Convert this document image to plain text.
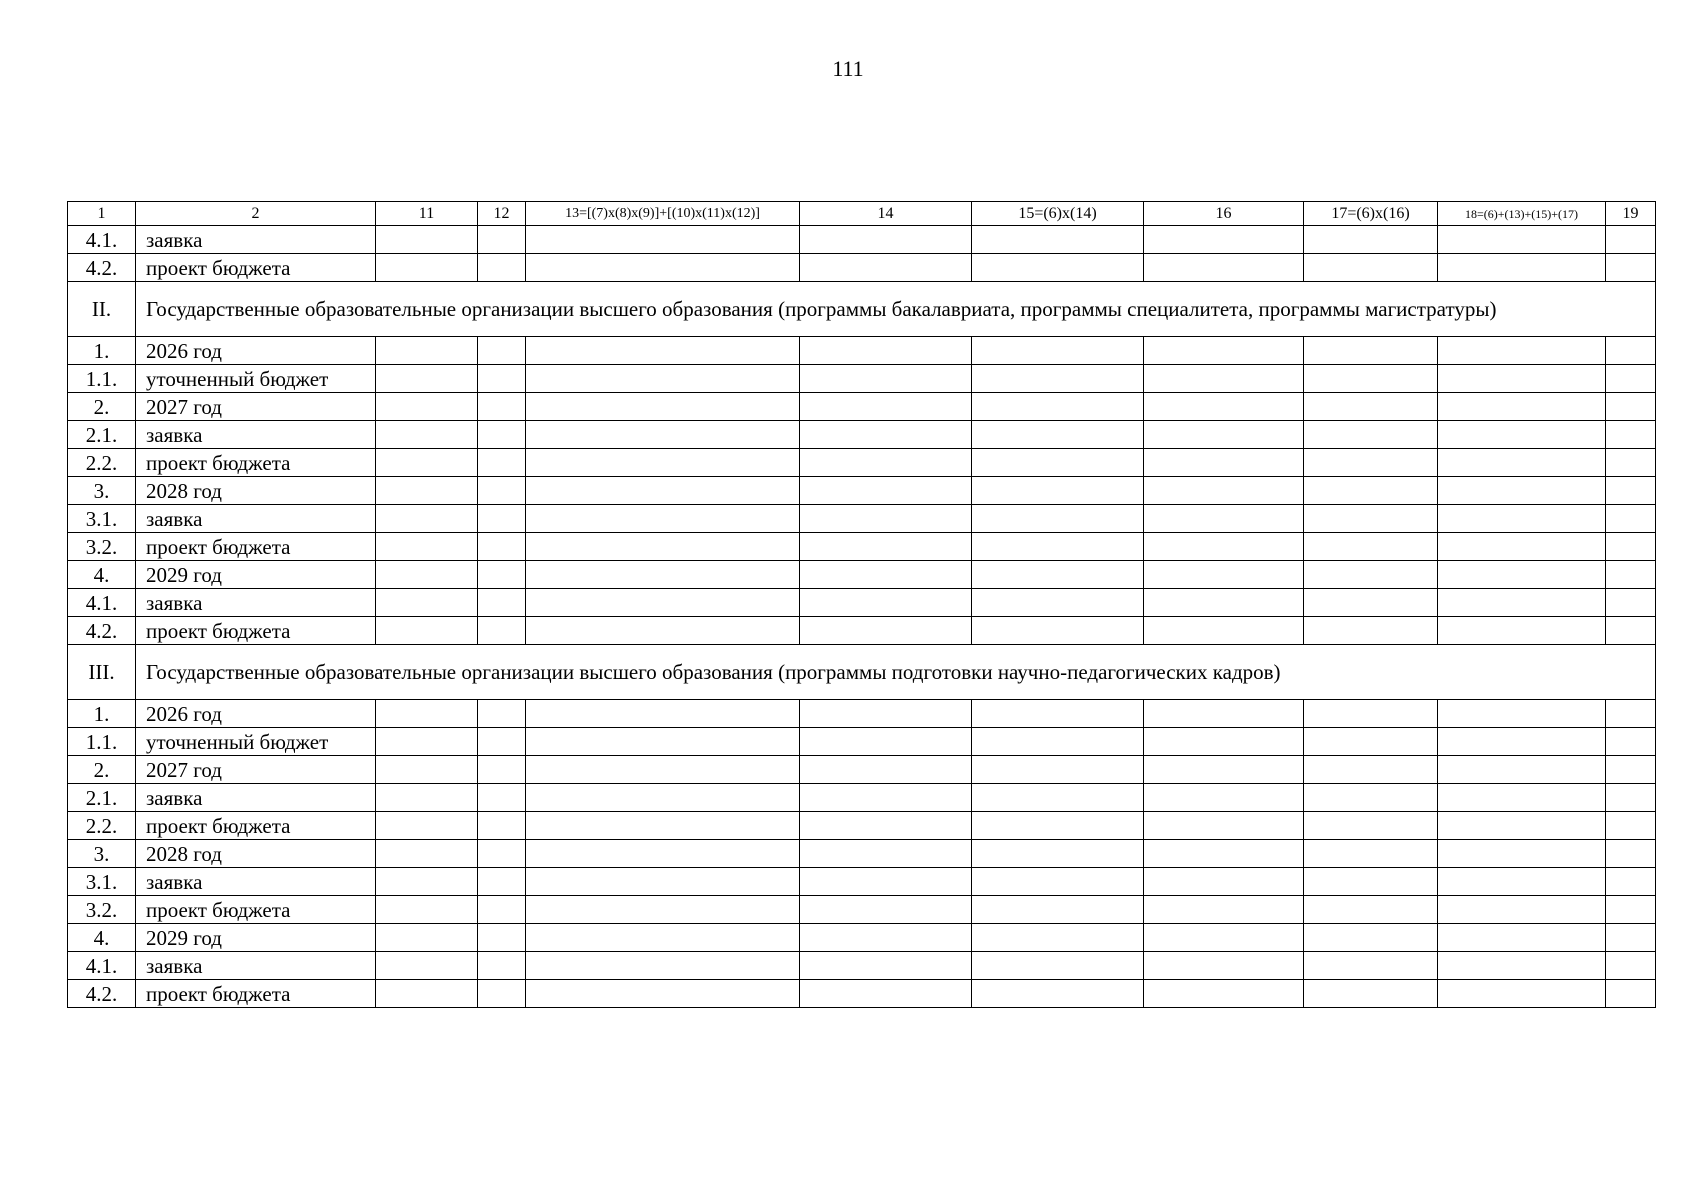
111
1	2	11	12	13=[(7)x(8)x(9)]+[(10)x(11)x(12)]	14	15=(6)x(14)	16	17=(6)x(16)	18=(6)+(13)+(15)+(17)	19
4.1.	заявка									
4.2.	проект бюджета									
II.	Государственные образовательные организации высшего образования (программы бакалавриата, программы специалитета, программы магистратуры)									
1.	2026 год									
1.1.	уточненный бюджет									
2.	2027 год									
2.1.	заявка									
2.2.	проект бюджета									
3.	2028 год									
3.1.	заявка									
3.2.	проект бюджета									
4.	2029 год									
4.1.	заявка									
4.2.	проект бюджета									
III.	Государственные образовательные организации высшего образования (программы подготовки научно-педагогических кадров)									
1.	2026 год									
1.1.	уточненный бюджет									
2.	2027 год									
2.1.	заявка									
2.2.	проект бюджета									
3.	2028 год									
3.1.	заявка									
3.2.	проект бюджета									
4.	2029 год									
4.1.	заявка									
4.2.	проект бюджета									
